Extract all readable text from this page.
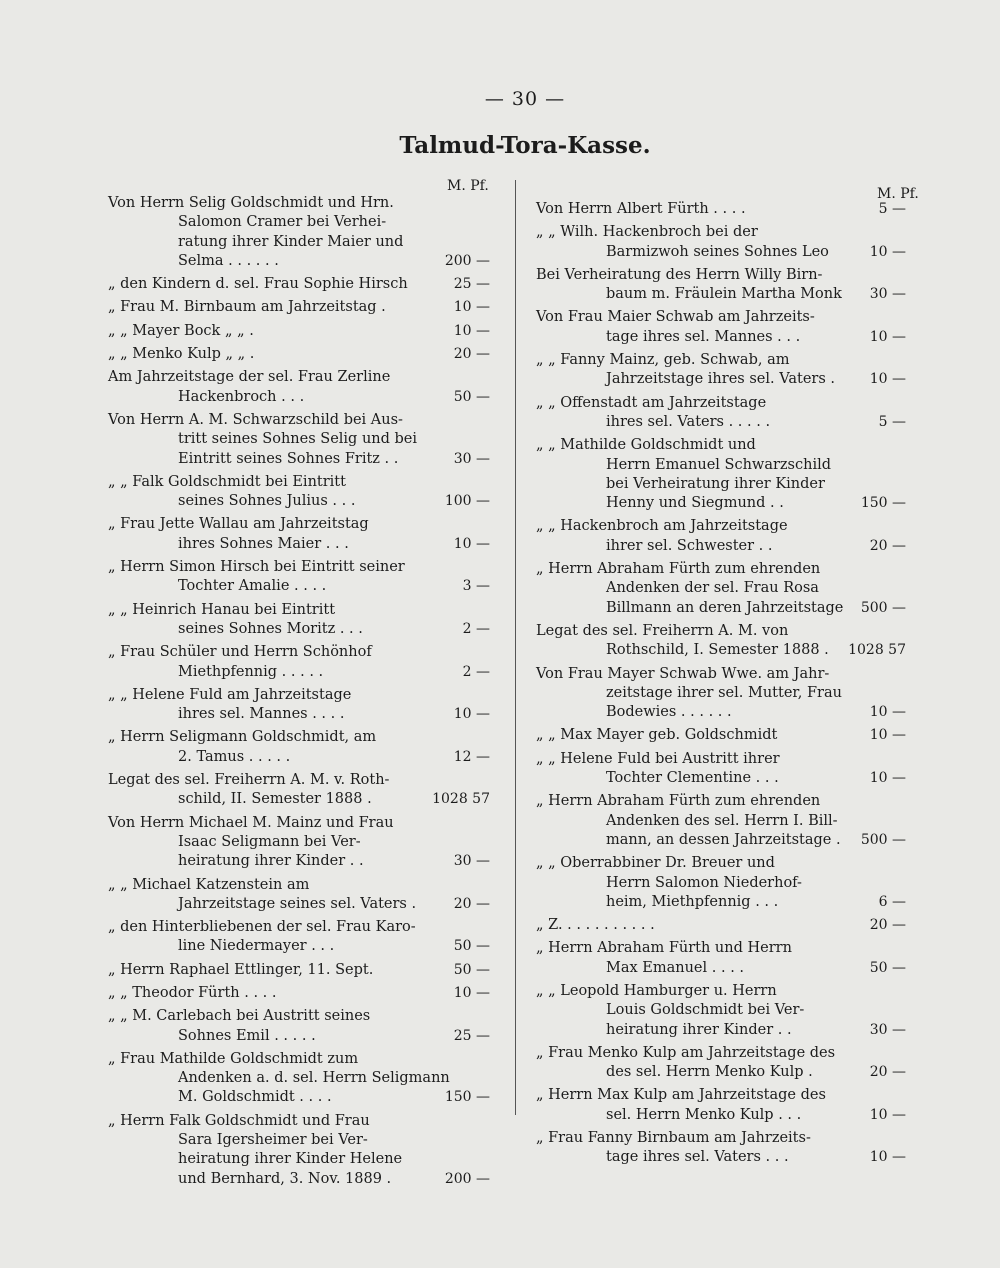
— 30 —
Talmud-Tora-Kasse.
M. Pf.	M. Pf.
Von Herrn Selig Goldschmidt und Hrn.
Salomon Cramer bei Verhei-
ratung ihrer Kinder Maier und
Selma . . . . . .	200 —
„ den Kindern d. sel. Frau Sophie Hirsch	25 —
„ Frau M. Birnbaum am Jahrzeitstag .	10 —
„ „ Mayer Bock „ „ .	10 —
„ „ Menko Kulp „ „ .	20 —
Am Jahrzeitstage der sel. Frau Zerline
Hackenbroch . . .	50 —
Von Herrn A. M. Schwarzschild bei Aus-
tritt seines Sohnes Selig und bei
Eintritt seines Sohnes Fritz . .	30 —
„ „ Falk Goldschmidt bei Eintritt
seines Sohnes Julius . . .	100 —
„ Frau Jette Wallau am Jahrzeitstag
ihres Sohnes Maier . . .	10 —
„ Herrn Simon Hirsch bei Eintritt seiner
Tochter Amalie . . . .	3 —
„ „ Heinrich Hanau bei Eintritt
seines Sohnes Moritz . . .	2 —
„ Frau Schüler und Herrn Schönhof
Miethpfennig . . . . .	2 —
„ „ Helene Fuld am Jahrzeitstage
ihres sel. Mannes . . . .	10 —
„ Herrn Seligmann Goldschmidt, am
2. Tamus . . . . .	12 —
Legat des sel. Freiherrn A. M. v. Roth-
schild, II. Semester 1888 .	1028 57
Von Herrn Michael M. Mainz und Frau
Isaac Seligmann bei Ver-
heiratung ihrer Kinder . .	30 —
„ „ Michael Katzenstein am
Jahrzeitstage seines sel. Vaters .	20 —
„ den Hinterbliebenen der sel. Frau Karo-
line Niedermayer . . .	50 —
„ Herrn Raphael Ettlinger, 11. Sept.	50 —
„ „ Theodor Fürth . . . .	10 —
„ „ M. Carlebach bei Austritt seines
Sohnes Emil . . . . .	25 —
„ Frau Mathilde Goldschmidt zum
Andenken a. d. sel. Herrn Seligmann
M. Goldschmidt . . . .	150 —
„ Herrn Falk Goldschmidt und Frau
Sara Igersheimer bei Ver-
heiratung ihrer Kinder Helene
und Bernhard, 3. Nov. 1889 .	200 —
Von Herrn Albert Fürth . . . .	5 —
„ „ Wilh. Hackenbroch bei der
Barmizwoh seines Sohnes Leo	10 —
Bei Verheiratung des Herrn Willy Birn-
baum m. Fräulein Martha Monk	30 —
Von Frau Maier Schwab am Jahrzeits-
tage ihres sel. Mannes . . .	10 —
„ „ Fanny Mainz, geb. Schwab, am
Jahrzeitstage ihres sel. Vaters .	10 —
„ „ Offenstadt am Jahrzeitstage
ihres sel. Vaters . . . . .	5 —
„ „ Mathilde Goldschmidt und
Herrn Emanuel Schwarzschild
bei Verheiratung ihrer Kinder
Henny und Siegmund . .	150 —
„ „ Hackenbroch am Jahrzeitstage
ihrer sel. Schwester . .	20 —
„ Herrn Abraham Fürth zum ehrenden
Andenken der sel. Frau Rosa
Billmann an deren Jahrzeitstage	500 —
Legat des sel. Freiherrn A. M. von
Rothschild, I. Semester 1888 .	1028 57
Von Frau Mayer Schwab Wwe. am Jahr-
zeitstage ihrer sel. Mutter, Frau
Bodewies . . . . . .	10 —
„ „ Max Mayer geb. Goldschmidt	10 —
„ „ Helene Fuld bei Austritt ihrer
Tochter Clementine . . .	10 —
„ Herrn Abraham Fürth zum ehrenden
Andenken des sel. Herrn I. Bill-
mann, an dessen Jahrzeitstage .	500 —
„ „ Oberrabbiner Dr. Breuer und
Herrn Salomon Niederhof-
heim, Miethpfennig . . .	6 —
„ Z. . . . . . . . . . .	20 —
„ Herrn Abraham Fürth und Herrn
Max Emanuel . . . .	50 —
„ „ Leopold Hamburger u. Herrn
Louis Goldschmidt bei Ver-
heiratung ihrer Kinder . .	30 —
„ Frau Menko Kulp am Jahrzeitstage des
des sel. Herrn Menko Kulp .	20 —
„ Herrn Max Kulp am Jahrzeitstage des
sel. Herrn Menko Kulp . . .	10 —
„ Frau Fanny Birnbaum am Jahrzeits-
tage ihres sel. Vaters . . .	10 —
